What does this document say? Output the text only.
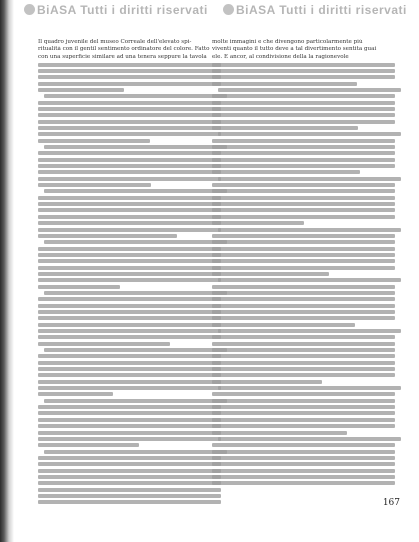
BiASA Tutti i diritti riservati	BiASA Tutti i diritti riservati

Il quadro juvenile del museo Correale dell'elevato spi-

ritualità con il gentil sentimento ordinatore del colore. Fatto

con una superficie similare ad una tenera seppure la tavola

molte immagini e che divengono particolarmente più

viventi quanto il tutto deve a tal divertimento sentita guai

ele. È ancor, al condivisione della la ragionevole

167
